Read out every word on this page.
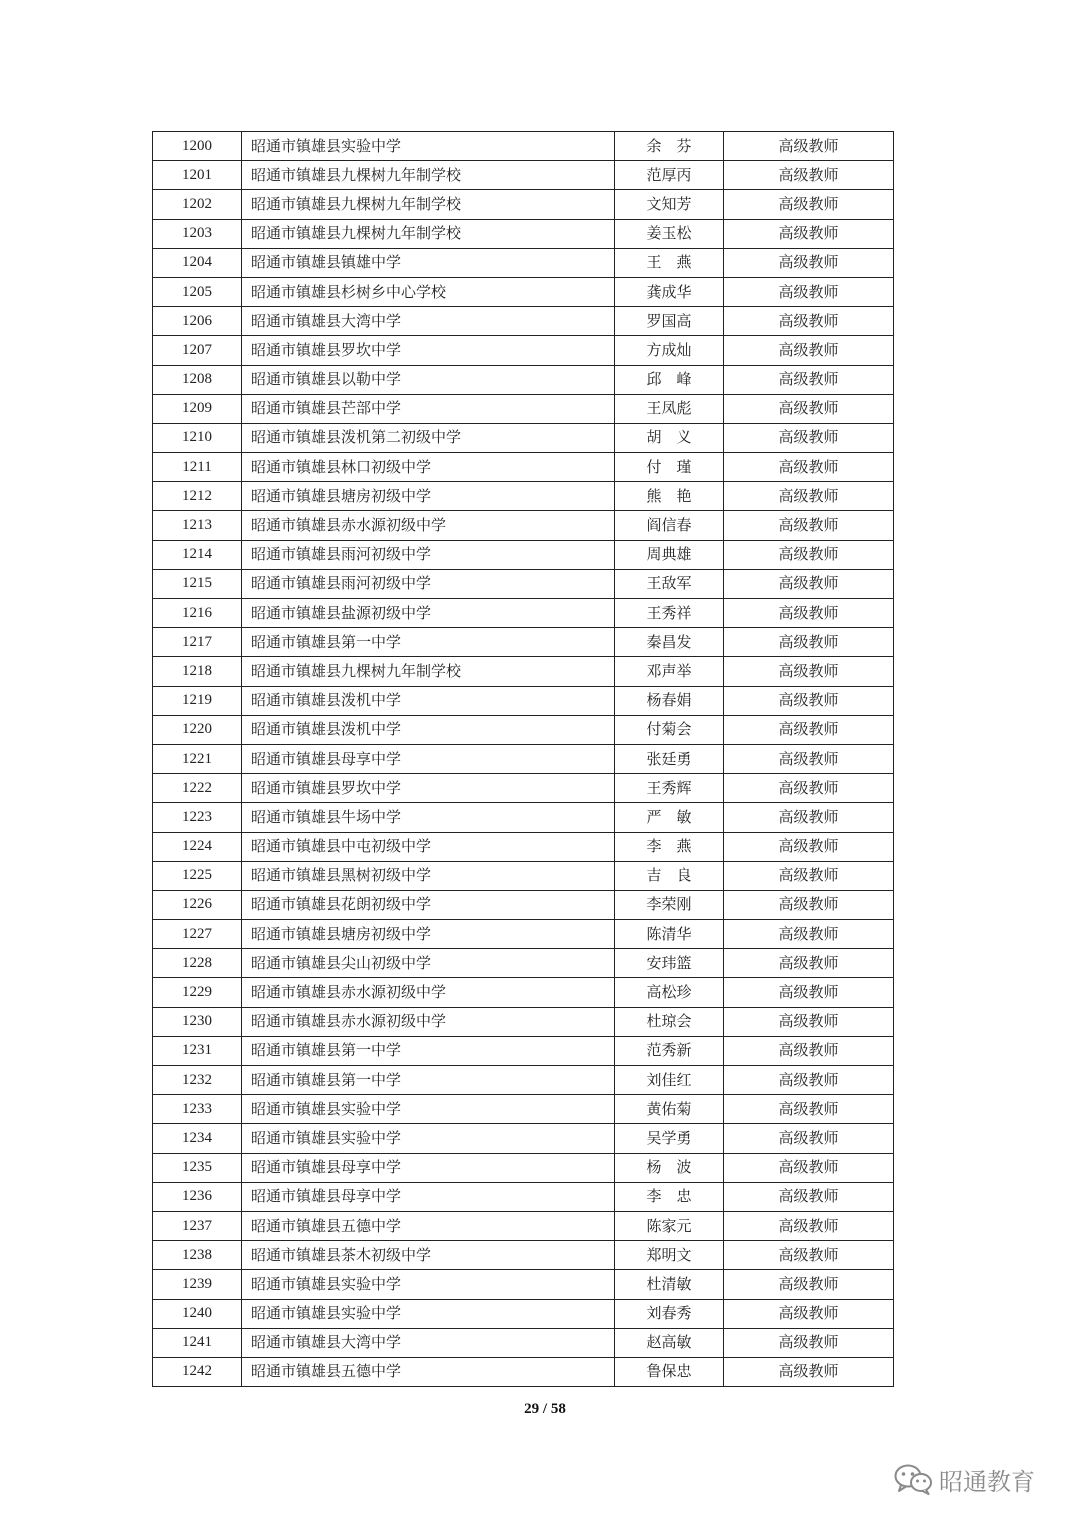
1200	昭通市镇雄县实验中学	余　芬	高级教师
1201	昭通市镇雄县九棵树九年制学校	范厚丙	高级教师
1202	昭通市镇雄县九棵树九年制学校	文知芳	高级教师
1203	昭通市镇雄县九棵树九年制学校	姜玉松	高级教师
1204	昭通市镇雄县镇雄中学	王　燕	高级教师
1205	昭通市镇雄县杉树乡中心学校	龚成华	高级教师
1206	昭通市镇雄县大湾中学	罗国高	高级教师
1207	昭通市镇雄县罗坎中学	方成灿	高级教师
1208	昭通市镇雄县以勒中学	邱　峰	高级教师
1209	昭通市镇雄县芒部中学	王凤彪	高级教师
1210	昭通市镇雄县泼机第二初级中学	胡　义	高级教师
1211	昭通市镇雄县林口初级中学	付　瑾	高级教师
1212	昭通市镇雄县塘房初级中学	熊　艳	高级教师
1213	昭通市镇雄县赤水源初级中学	阎信春	高级教师
1214	昭通市镇雄县雨河初级中学	周典雄	高级教师
1215	昭通市镇雄县雨河初级中学	王敌军	高级教师
1216	昭通市镇雄县盐源初级中学	王秀祥	高级教师
1217	昭通市镇雄县第一中学	秦昌发	高级教师
1218	昭通市镇雄县九棵树九年制学校	邓声举	高级教师
1219	昭通市镇雄县泼机中学	杨春娟	高级教师
1220	昭通市镇雄县泼机中学	付菊会	高级教师
1221	昭通市镇雄县母享中学	张廷勇	高级教师
1222	昭通市镇雄县罗坎中学	王秀辉	高级教师
1223	昭通市镇雄县牛场中学	严　敏	高级教师
1224	昭通市镇雄县中屯初级中学	李　燕	高级教师
1225	昭通市镇雄县黑树初级中学	吉　良	高级教师
1226	昭通市镇雄县花朗初级中学	李荣刚	高级教师
1227	昭通市镇雄县塘房初级中学	陈清华	高级教师
1228	昭通市镇雄县尖山初级中学	安玮篮	高级教师
1229	昭通市镇雄县赤水源初级中学	高松珍	高级教师
1230	昭通市镇雄县赤水源初级中学	杜琼会	高级教师
1231	昭通市镇雄县第一中学	范秀新	高级教师
1232	昭通市镇雄县第一中学	刘佳红	高级教师
1233	昭通市镇雄县实验中学	黄佑菊	高级教师
1234	昭通市镇雄县实验中学	吴学勇	高级教师
1235	昭通市镇雄县母享中学	杨　波	高级教师
1236	昭通市镇雄县母享中学	李　忠	高级教师
1237	昭通市镇雄县五德中学	陈家元	高级教师
1238	昭通市镇雄县茶木初级中学	郑明文	高级教师
1239	昭通市镇雄县实验中学	杜清敏	高级教师
1240	昭通市镇雄县实验中学	刘春秀	高级教师
1241	昭通市镇雄县大湾中学	赵高敏	高级教师
1242	昭通市镇雄县五德中学	鲁保忠	高级教师
29 / 58
昭通教育
